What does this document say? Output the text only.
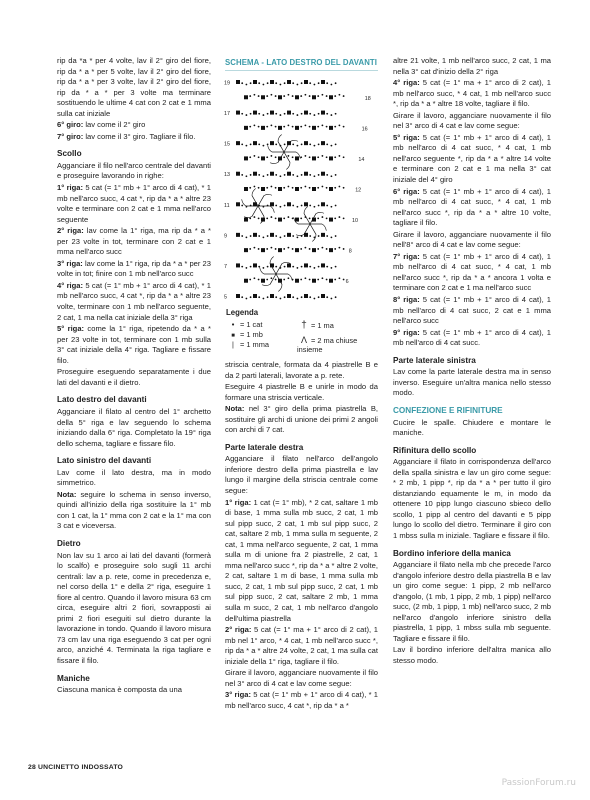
rip da *a * per 4 volte, lav il 2° giro del fiore, rip da * a * per 5 volte, lav il 2° giro del fiore, rip da * a * per 3 volte, lav il 2° giro del fiore, rip da * a * per 3 volte ma terminare sostituendo le ultime 4 cat con 2 cat e 1 mma sulla cat iniziale

6° giro: lav come il 2° giro

7° giro: lav come il 3° giro. Tagliare il filo.

Scollo

Agganciare il filo nell'arco centrale del davanti e proseguire lavorando in righe:

1° riga: 5 cat (= 1° mb + 1° arco di 4 cat), * 1 mb nell'arco succ, 4 cat *, rip da * a * altre 23 volte e terminare con 2 cat e 1 mma nell'arco seguente

2° riga: lav come la 1° riga, ma rip da * a * per 23 volte in tot, terminare con 2 cat e 1 mma nell'arco succ

3° riga: lav come la 1° riga, rip da * a * per 23 volte in tot; finire con 1 mb nell'arco succ

4° riga: 5 cat (= 1° mb + 1° arco di 4 cat), * 1 mb nell'arco succ, 4 cat *, rip da * a * altre 23 volte, terminare con 1 mb nell'arco seguente, 2 cat, 1 ma nella cat iniziale della 3° riga

5° riga: come la 1° riga, ripetendo da * a * per 23 volte in tot, terminare con 1 mb sulla 3° cat iniziale della 4° riga. Tagliare e fissare filo.

Proseguire eseguendo separatamente i due lati del davanti e il dietro.

Lato destro del davanti

Agganciare il filato al centro del 1° archetto della 5° riga e lav seguendo lo schema iniziando dalla 6° riga. Completato la 19° riga dello schema, tagliare e fissare filo.

Lato sinistro del davanti

Lav come il lato destra, ma in modo simmetrico.

Nota: seguire lo schema in senso inverso, quindi all'inizio della riga sostituire la 1° mb con 1 cat, la 1° mma con 2 cat e la 1° ma con 3 cat e viceversa.

Dietro

Non lav su 1 arco ai lati del davanti (formerà lo scalfo) e proseguire solo sugli 11 archi centrali: lav a p. rete, come in precedenza e, nel corso della 1° e della 2° riga, eseguire 1 fiore al centro. Quando il lavoro misura 63 cm circa, eseguire altri 2 fiori, sovrapposti ai primi 2 fiori eseguiti sul dietro durante la lavorazione in tondo. Quando il lavoro misura 73 cm lav una riga eseguendo 3 cat per ogni arco, anziché 4. Terminata la riga tagliare e fissare il filo.

Maniche

Ciascuna manica è composta da una

SCHEMA - LATO DESTRO DEL DAVANTI
19
18
17
16
15
14
13
12
11
10
9
8
7
6
5
Legenda
• = 1 cat
■ = 1 mb
| = 1 mma
† = 1 ma
Ʌ = 2 ma chiuse insieme

striscia centrale, formata da 4 piastrelle B e da 2 parti laterali, lavorate a p. rete.

Eseguire 4 piastrelle B e unirle in modo da formare una striscia verticale.

Nota: nel 3° giro della prima piastrella B, sostituire gli archi di unione dei primi 2 angoli con archi di 7 cat.

Parte laterale destra

Agganciare il filato nell'arco dell'angolo inferiore destro della prima piastrella e lav lungo il margine della striscia centrale come segue:

1° riga: 1 cat (= 1° mb), * 2 cat, saltare 1 mb di base, 1 mma sulla mb succ, 2 cat, 1 mb sul pipp succ, 2 cat, 1 mb sul pipp succ, 2 cat, saltare 2 mb, 1 mma sulla m seguente, 2 cat, 1 mma nell'arco seguente, 2 cat, 1 mma sulla m di unione fra 2 piastrelle, 2 cat, 1 mma nell'arco succ *, rip da * a * altre 2 volte, 2 cat, saltare 1 m di base, 1 mma sulla mb succ, 2 cat, 1 mb sul pipp succ, 2 cat, 1 mb sul pipp succ, 2 cat, saltare 2 mb, 1 mma sulla m succ, 2 cat, 1 mb nell'arco d'angolo dell'ultima piastrella

2° riga: 5 cat (= 1° ma + 1° arco di 2 cat), 1 mb nel 1° arco, * 4 cat, 1 mb nell'arco succ *, rip da * a * altre 24 volte, 2 cat, 1 ma sulla cat iniziale della 1° riga, tagliare il filo.

Girare il lavoro, agganciare nuovamente il filo nel 3° arco di 4 cat e lav come segue:

3° riga: 5 cat (= 1° mb + 1° arco di 4 cat), * 1 mb nell'arco succ, 4 cat *, rip da * a *

altre 21 volte, 1 mb nell'arco succ, 2 cat, 1 ma nella 3° cat d'inizio della 2° riga

4° riga: 5 cat (= 1° ma + 1° arco di 2 cat), 1 mb nell'arco succ, * 4 cat, 1 mb nell'arco succ *, rip da * a * altre 18 volte, tagliare il filo.

Girare il lavoro, agganciare nuovamente il filo nel 3° arco di 4 cat e lav come segue:

5° riga: 5 cat (= 1° mb + 1° arco di 4 cat), 1 mb nell'arco di 4 cat succ, * 4 cat, 1 mb nell'arco seguente *, rip da * a * altre 14 volte e terminare con 2 cat e 1 ma nella 3° cat iniziale del 4° giro

6° riga: 5 cat (= 1° mb + 1° arco di 4 cat), 1 mb nell'arco di 4 cat succ, * 4 cat, 1 mb nell'arco succ *, rip da * a * altre 10 volte, tagliare il filo.

Girare il lavoro, agganciare nuovamente il filo nell'8° arco di 4 cat e lav come segue:

7° riga: 5 cat (= 1° mb + 1° arco di 4 cat), 1 mb nell'arco di 4 cat succ, * 4 cat, 1 mb nell'arco succ *, rip da * a * ancora 1 volta e terminare con 2 cat e 1 ma nell'arco succ

8° riga: 5 cat (= 1° mb + 1° arco di 4 cat), 1 mb nell'arco di 4 cat succ, 2 cat e 1 mma nell'arco succ

9° riga: 5 cat (= 1° mb + 1° arco di 4 cat), 1 mb nell'arco di 4 cat succ.

Parte laterale sinistra

Lav come la parte laterale destra ma in senso inverso. Eseguire un'altra manica nello stesso modo.

CONFEZIONE E RIFINITURE

Cucire le spalle. Chiudere e montare le maniche.

Rifinitura dello scollo

Agganciare il filato in corrispondenza dell'arco della spalla sinistra e lav un giro come segue: * 2 mb, 1 pipp *, rip da * a * per tutto il giro distanziando equamente le m, in modo da ottenere 10 pipp lungo ciascuno sbieco dello scollo, 1 pipp al centro del davanti e 5 pipp lungo lo scollo del dietro. Terminare il giro con 1 mbss sulla m iniziale. Tagliare e fissare il filo.

Bordino inferiore della manica

Agganciare il filato nella mb che precede l'arco d'angolo inferiore destro della piastrella B e lav un giro come segue: 1 pipp, 2 mb nell'arco d'angolo, (1 mb, 1 pipp, 2 mb, 1 pipp) nell'arco succ, (2 mb, 1 pipp, 1 mb) nell'arco succ, 2 mb nell'arco d'angolo inferiore sinistro della piastrella, 1 pipp, 1 mbss sulla mb seguente. Tagliare e fissare il filo.

Lav il bordino inferiore dell'altra manica allo stesso modo.

28 UNCINETTO INDOSSATO
PassionForum.ru
